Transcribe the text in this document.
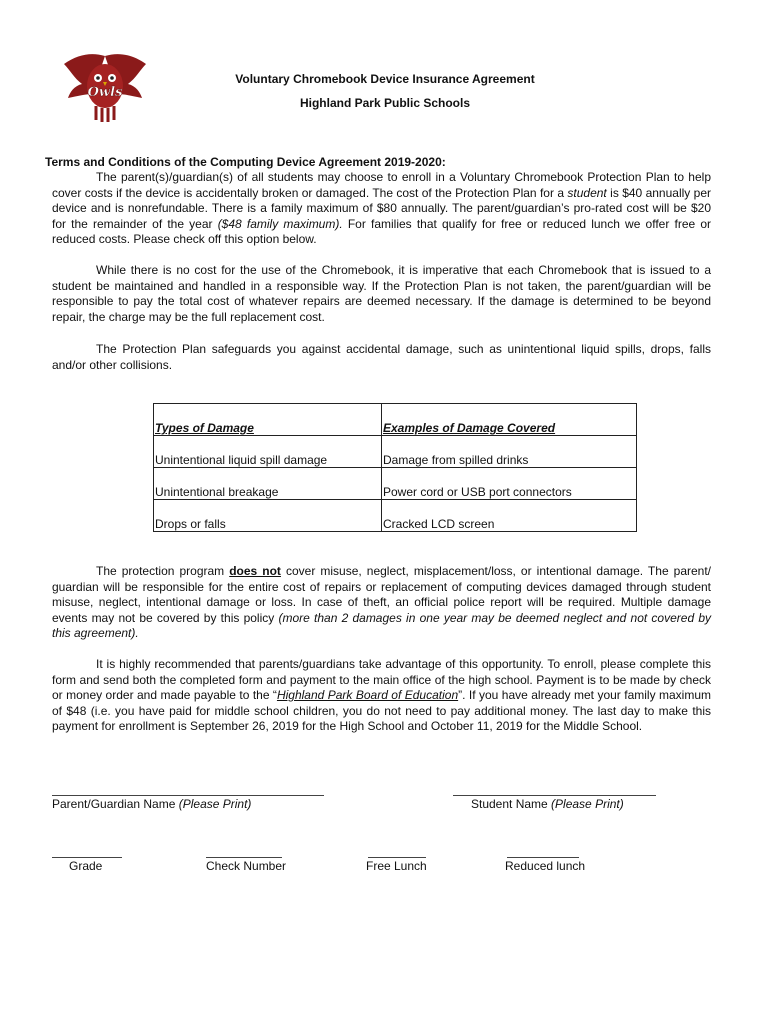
Owls
Voluntary Chromebook Device Insurance Agreement
Highland Park Public Schools
Terms and Conditions of the Computing Device Agreement 2019-2020:

The parent(s)/guardian(s) of all students may choose to enroll in a Voluntary Chromebook Protection Plan to help cover costs if the device is accidentally broken or damaged. The cost of the Protection Plan for a student is $40 annually per device and is nonrefundable. There is a family maximum of $80 annually. The parent/guardian’s pro-rated cost will be $20 for the remainder of the year ($48 family maximum). For families that qualify for free or reduced lunch we offer free or reduced costs. Please check off this option below.

While there is no cost for the use of the Chromebook, it is imperative that each Chromebook that is issued to a student be maintained and handled in a responsible way. If the Protection Plan is not taken, the parent/guardian will be responsible to pay the total cost of whatever repairs are deemed necessary. If the damage is determined to be beyond repair, the charge may be the full replacement cost.

The Protection Plan safeguards you against accidental damage, such as unintentional liquid spills, drops, falls and/or other collisions.

Types of Damage	Examples of Damage Covered
Unintentional liquid spill damage	Damage from spilled drinks
Unintentional breakage	Power cord or USB port connectors
Drops or falls	Cracked LCD screen

The protection program does not cover misuse, neglect, misplacement/loss, or intentional damage. The parent/ guardian will be responsible for the entire cost of repairs or replacement of computing devices damaged through student misuse, neglect, intentional damage or loss. In case of theft, an official police report will be required. Multiple damage events may not be covered by this policy (more than 2 damages in one year may be deemed neglect and not covered by this agreement).

It is highly recommended that parents/guardians take advantage of this opportunity. To enroll, please complete this form and send both the completed form and payment to the main office of the high school. Payment is to be made by check or money order and made payable to the “Highland Park Board of Education”. If you have already met your family maximum of $48 (i.e. you have paid for middle school children, you do not need to pay additional money. The last day to make this payment for enrollment is September 26, 2019 for the High School and October 11, 2019 for the Middle School.

Parent/Guardian Name (Please Print)	Student Name (Please Print)
Grade	Check Number	Free Lunch	Reduced lunch
